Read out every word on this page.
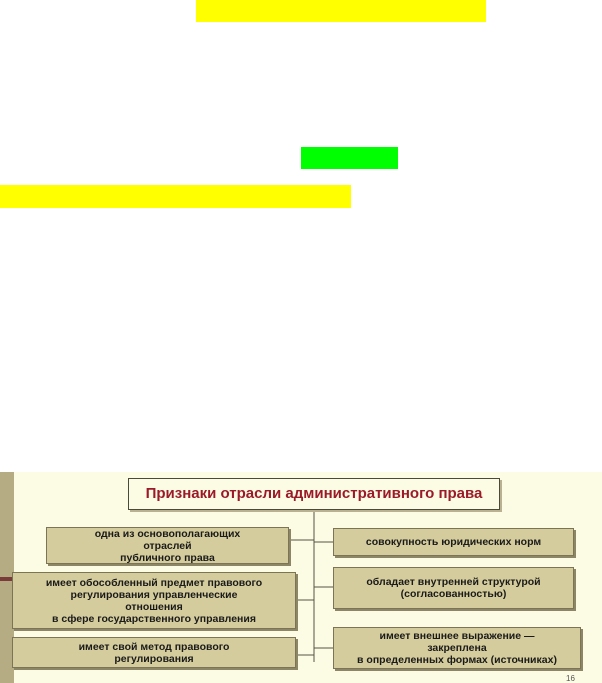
Признаки отрасли административного права
одна из основополагающих
отраслей
публичного права
имеет обособленный предмет правового
регулирования управленческие
отношения
в сфере государственного управления
имеет свой метод правового
регулирования
совокупность юридических норм
обладает внутренней структурой
(согласованностью)
имеет внешнее выражение —
закреплена
в определенных формах (источниках)
16
